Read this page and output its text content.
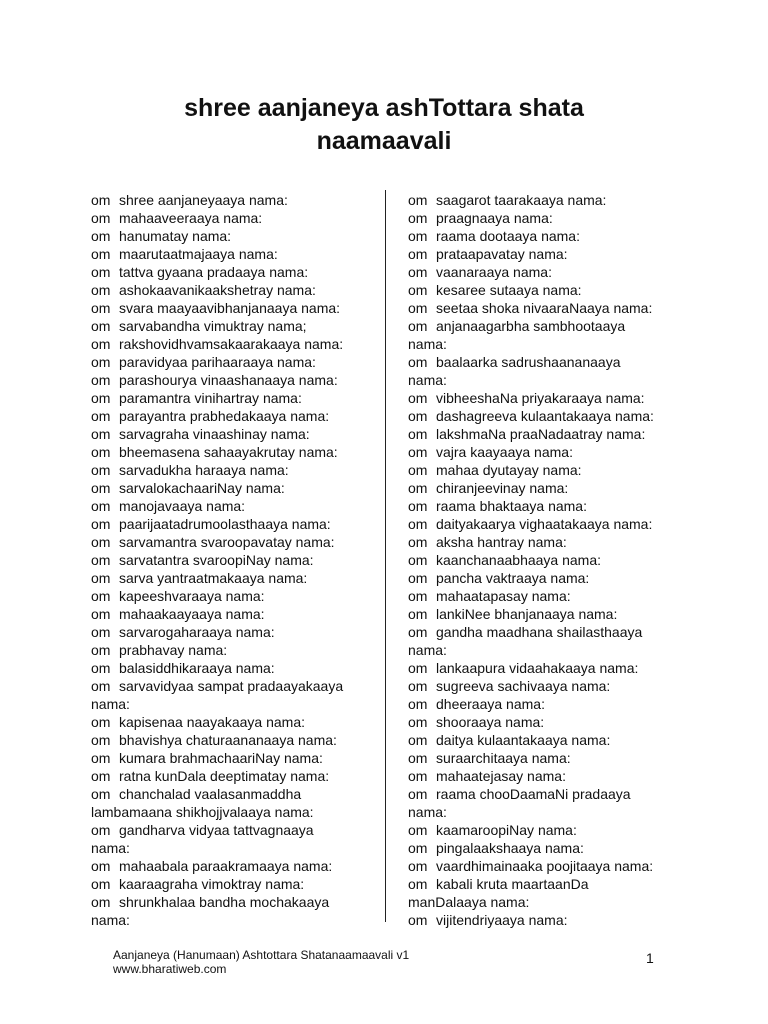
shree aanjaneya ashTottara shata
naamaavali
om shree aanjaneyaaya nama:
om mahaaveeraaya nama:
om hanumatay nama:
om maarutaatmajaaya nama:
om tattva gyaana pradaaya nama:
om ashokaavanikaakshetray nama:
om svara maayaavibhanjanaaya nama:
om sarvabandha vimuktray nama;
om rakshovidhvamsakaarakaaya nama:
om paravidyaa parihaaraaya nama:
om parashourya vinaashanaaya nama:
om paramantra vinihartray nama:
om parayantra prabhedakaaya nama:
om sarvagraha vinaashinay nama:
om bheemasena sahaayakrutay nama:
om sarvadukha haraaya nama:
om sarvalokachaariNay nama:
om manojavaaya nama:
om paarijaatadrumoolasthaaya nama:
om sarvamantra svaroopavatay nama:
om sarvatantra svaroopiNay nama:
om sarva yantraatmakaaya nama:
om kapeeshvaraaya nama:
om mahaakaayaaya nama:
om sarvarogaharaaya nama:
om prabhavay nama:
om balasiddhikaraaya nama:
om sarvavidyaa sampat pradaayakaaya
nama:
om kapisenaa naayakaaya nama:
om bhavishya chaturaananaaya nama:
om kumara brahmachaariNay nama:
om ratna kunDala deeptimatay nama:
om chanchalad vaalasanmaddha
lambamaana shikhojjvalaaya nama:
om gandharva vidyaa tattvagnaaya
nama:
om mahaabala paraakramaaya nama:
om kaaraagraha vimoktray nama:
om shrunkhalaa bandha mochakaaya
nama:
om saagarot taarakaaya nama:
om praagnaaya nama:
om raama dootaaya nama:
om prataapavatay nama:
om vaanaraaya nama:
om kesaree sutaaya nama:
om seetaa shoka nivaaraNaaya nama:
om anjanaagarbha sambhootaaya
nama:
om baalaarka sadrushaananaaya
nama:
om vibheeshaNa priyakaraaya nama:
om dashagreeva kulaantakaaya nama:
om lakshmaNa praaNadaatray nama:
om vajra kaayaaya nama:
om mahaa dyutayay nama:
om chiranjeevinay nama:
om raama bhaktaaya nama:
om daityakaarya vighaatakaaya nama:
om aksha hantray nama:
om kaanchanaabhaaya nama:
om pancha vaktraaya nama:
om mahaatapasay nama:
om lankiNee bhanjanaaya nama:
om gandha maadhana shailasthaaya
nama:
om lankaapura vidaahakaaya nama:
om sugreeva sachivaaya nama:
om dheeraaya nama:
om shooraaya nama:
om daitya kulaantakaaya nama:
om suraarchitaaya nama:
om mahaatejasay nama:
om raama chooDaamaNi pradaaya
nama:
om kaamaroopiNay nama:
om pingalaakshaaya nama:
om vaardhimainaaka poojitaaya nama:
om kabali kruta maartaanDa
manDalaaya nama:
om vijitendriyaaya nama:
Aanjaneya (Hanumaan) Ashtottara Shatanaamaavali v1
www.bharatiweb.com
1
